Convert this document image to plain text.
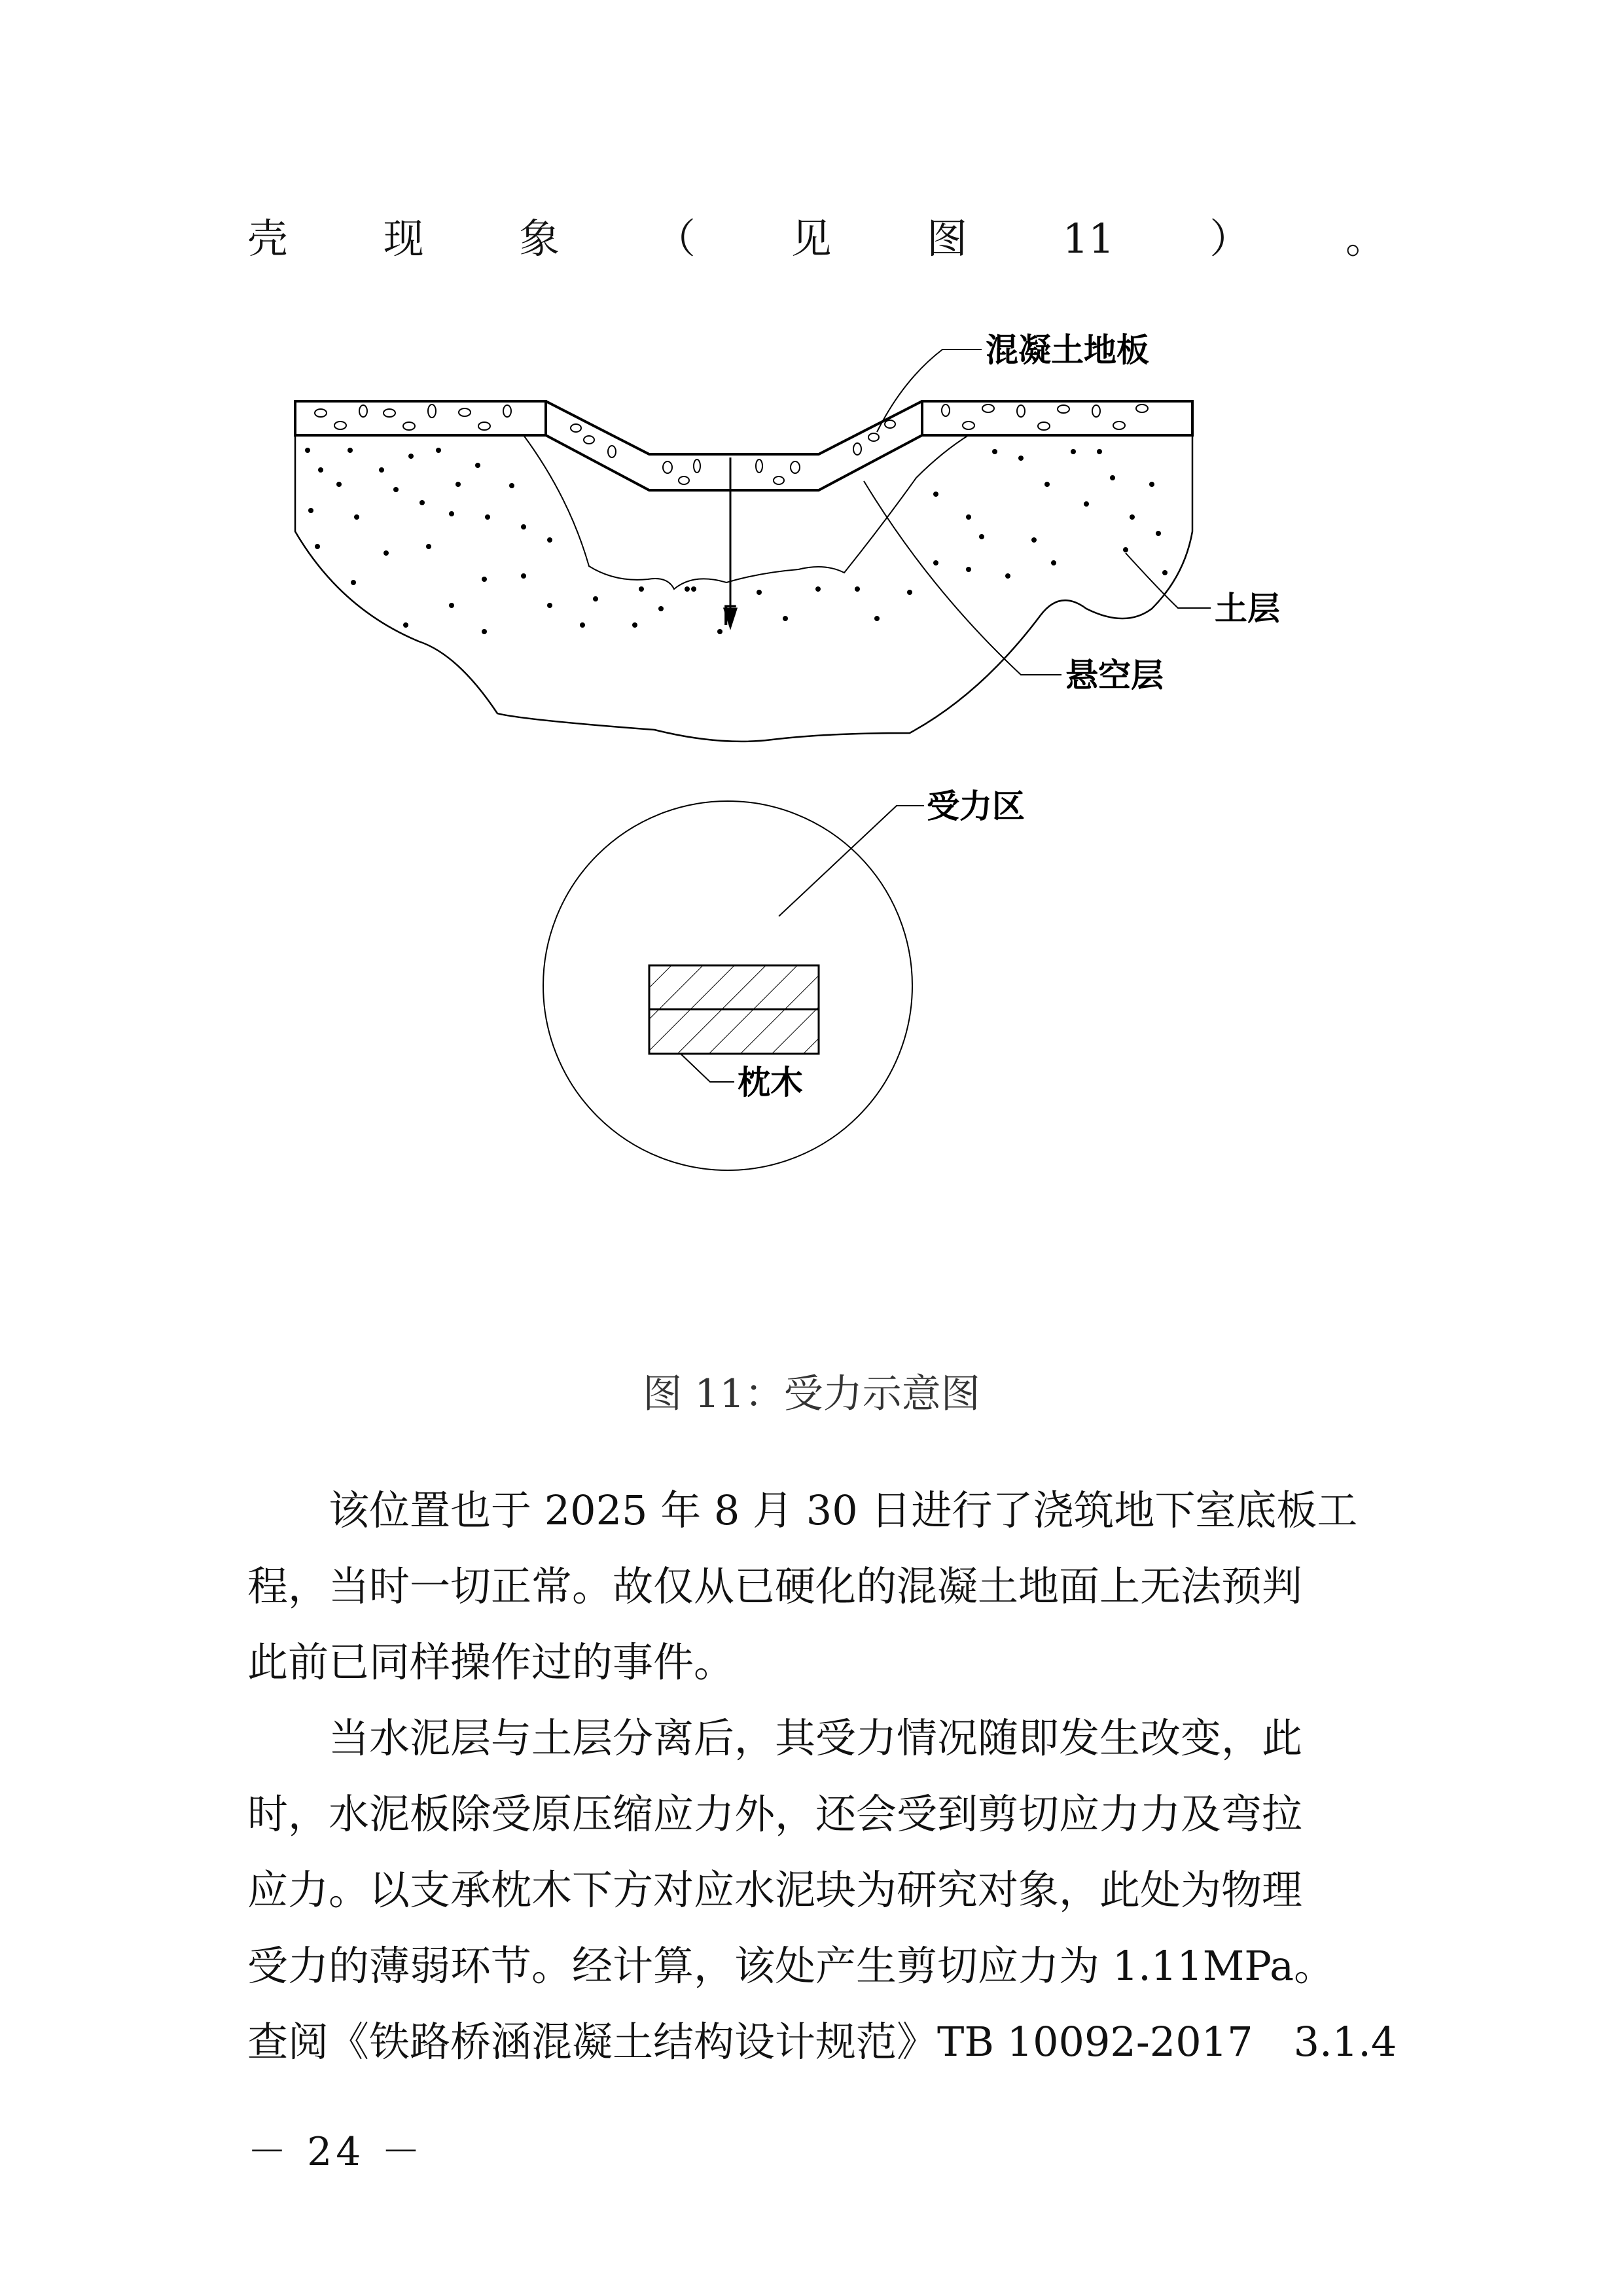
壳 现 象 （ 见 图 11 ） 。
F
混凝土地板
土层
悬空层
受力区
枕木
图 11：受力示意图
该位置也于 2025 年 8 月 30 日进行了浇筑地下室底板工
程，当时一切正常。故仅从已硬化的混凝土地面上无法预判
此前已同样操作过的事件。
当水泥层与土层分离后，其受力情况随即发生改变，此
时，水泥板除受原压缩应力外，还会受到剪切应力力及弯拉
应力。以支承枕木下方对应水泥块为研究对象，此处为物理
受力的薄弱环节。经计算，该处产生剪切应力为 1.11MPa。
查阅《铁路桥涵混凝土结构设计规范》TB 10092-2017　3.1.4
－ 24 －
